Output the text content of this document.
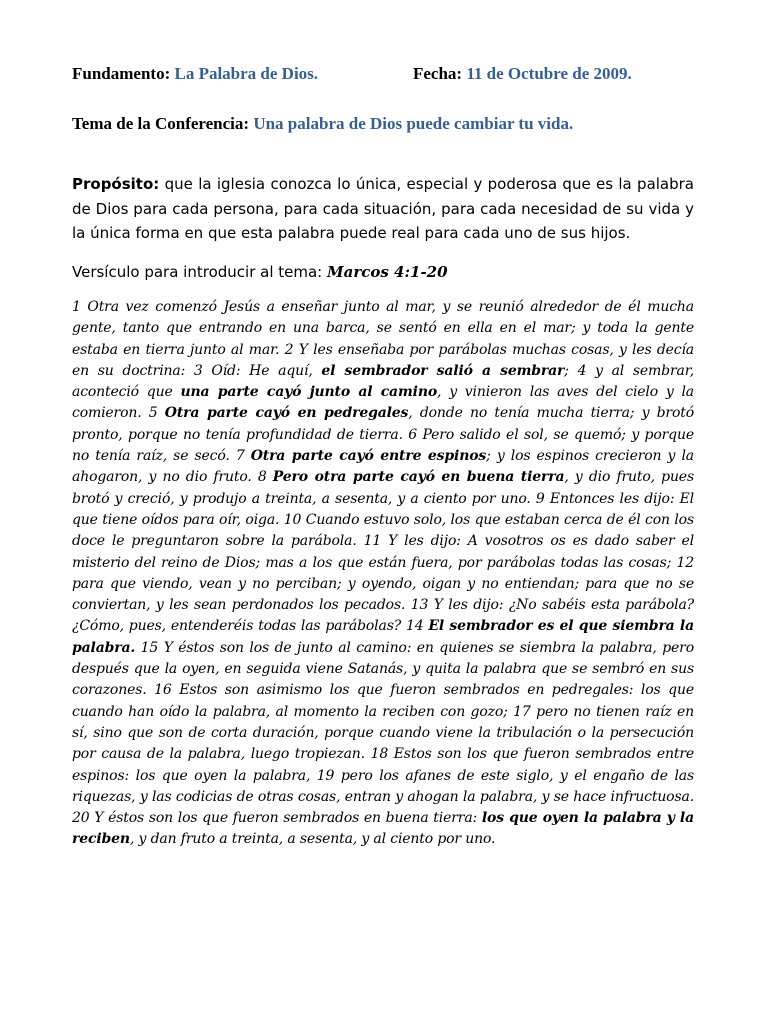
Fundamento: La Palabra de Dios.	Fecha: 11 de Octubre de 2009.
Tema de la Conferencia: Una palabra de Dios puede cambiar tu vida.
Propósito: que la iglesia conozca lo única, especial y poderosa que es la palabra de Dios para cada persona, para cada situación, para cada necesidad de su vida y la única forma en que esta palabra puede real para cada uno de sus hijos.
Versículo para introducir al tema: Marcos 4:1-20
1 Otra vez comenzó Jesús a enseñar junto al mar, y se reunió alrededor de él mucha gente, tanto que entrando en una barca, se sentó en ella en el mar; y toda la gente estaba en tierra junto al mar. 2 Y les enseñaba por parábolas muchas cosas, y les decía en su doctrina: 3 Oíd: He aquí, el sembrador salió a sembrar; 4 y al sembrar, aconteció que una parte cayó junto al camino, y vinieron las aves del cielo y la comieron. 5 Otra parte cayó en pedregales, donde no tenía mucha tierra; y brotó pronto, porque no tenía profundidad de tierra. 6 Pero salido el sol, se quemó; y porque no tenía raíz, se secó. 7 Otra parte cayó entre espinos; y los espinos crecieron y la ahogaron, y no dio fruto. 8 Pero otra parte cayó en buena tierra, y dio fruto, pues brotó y creció, y produjo a treinta, a sesenta, y a ciento por uno. 9 Entonces les dijo: El que tiene oídos para oír, oiga. 10 Cuando estuvo solo, los que estaban cerca de él con los doce le preguntaron sobre la parábola. 11 Y les dijo: A vosotros os es dado saber el misterio del reino de Dios; mas a los que están fuera, por parábolas todas las cosas; 12 para que viendo, vean y no perciban; y oyendo, oigan y no entiendan; para que no se conviertan, y les sean perdonados los pecados. 13 Y les dijo: ¿No sabéis esta parábola? ¿Cómo, pues, entenderéis todas las parábolas? 14 El sembrador es el que siembra la palabra. 15 Y éstos son los de junto al camino: en quienes se siembra la palabra, pero después que la oyen, en seguida viene Satanás, y quita la palabra que se sembró en sus corazones. 16 Estos son asimismo los que fueron sembrados en pedregales: los que cuando han oído la palabra, al momento la reciben con gozo; 17 pero no tienen raíz en sí, sino que son de corta duración, porque cuando viene la tribulación o la persecución por causa de la palabra, luego tropiezan. 18 Estos son los que fueron sembrados entre espinos: los que oyen la palabra, 19 pero los afanes de este siglo, y el engaño de las riquezas, y las codicias de otras cosas, entran y ahogan la palabra, y se hace infructuosa. 20 Y éstos son los que fueron sembrados en buena tierra: los que oyen la palabra y la reciben, y dan fruto a treinta, a sesenta, y al ciento por uno.
